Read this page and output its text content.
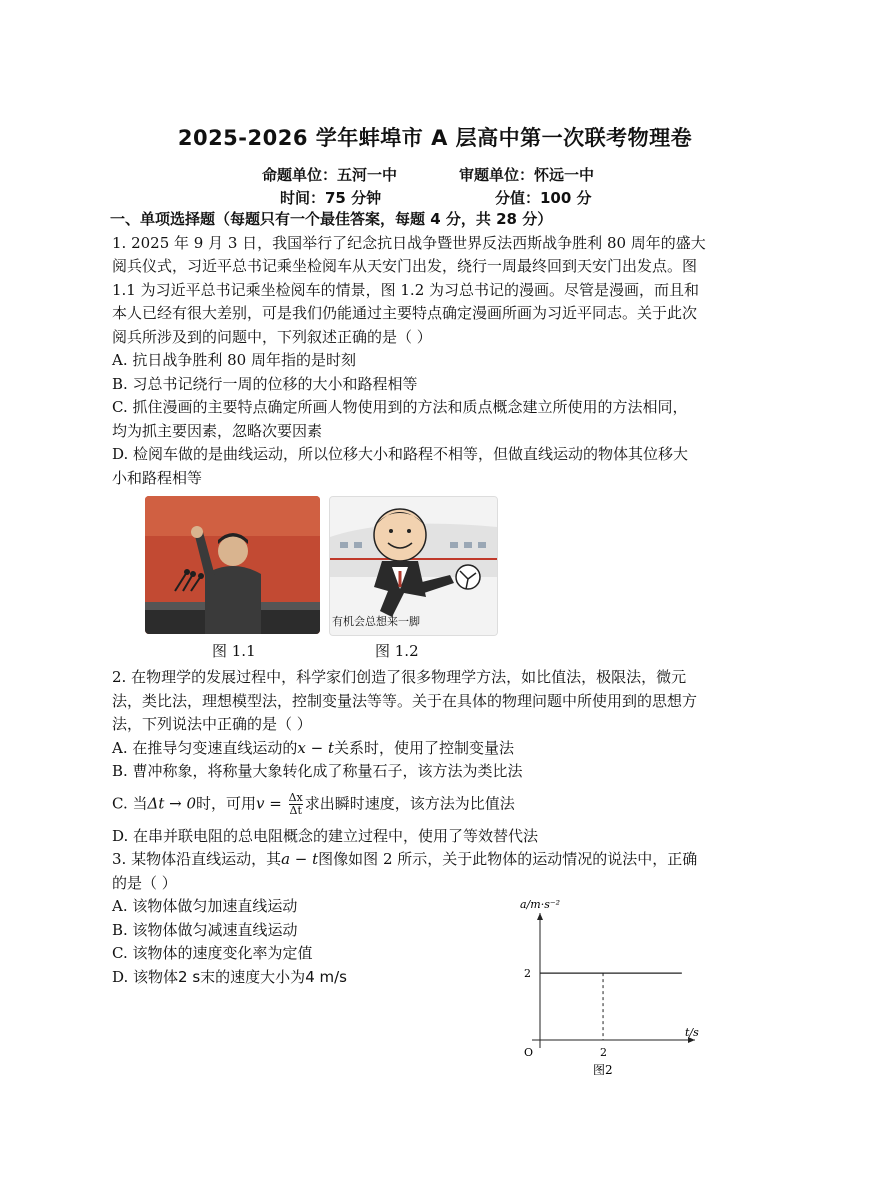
2025-2026 学年蚌埠市 A 层高中第一次联考物理卷
命题单位：五河一中	审题单位：怀远一中
时间：75 分钟	分值：100 分
一、单项选择题（每题只有一个最佳答案，每题 4 分，共 28 分）
1. 2025 年 9 月 3 日，我国举行了纪念抗日战争暨世界反法西斯战争胜利 80 周年的盛大
阅兵仪式，习近平总书记乘坐检阅车从天安门出发，绕行一周最终回到天安门出发点。图
1.1 为习近平总书记乘坐检阅车的情景，图 1.2 为习总书记的漫画。尽管是漫画，而且和
本人已经有很大差别，可是我们仍能通过主要特点确定漫画所画为习近平同志。关于此次
阅兵所涉及到的问题中，下列叙述正确的是（ ）
A. 抗日战争胜利 80 周年指的是时刻
B. 习总书记绕行一周的位移的大小和路程相等
C. 抓住漫画的主要特点确定所画人物使用到的方法和质点概念建立所使用的方法相同，
均为抓主要因素，忽略次要因素
D. 检阅车做的是曲线运动，所以位移大小和路程不相等，但做直线运动的物体其位移大
小和路程相等
有机会总想来一脚
图 1.1	图 1.2
2. 在物理学的发展过程中，科学家们创造了很多物理学方法，如比值法，极限法，微元
法，类比法，理想模型法，控制变量法等等。关于在具体的物理问题中所使用到的思想方
法，下列说法中正确的是（ ）
A. 在推导匀变速直线运动的x − t关系时，使用了控制变量法
B. 曹冲称象，将称量大象转化成了称量石子，该方法为类比法
C. 当Δt → 0时，可用$v = \frac{\Delta x}{\Delta t}$ 求出瞬时速度，该方法为比值法
D. 在串并联电阻的总电阻概念的建立过程中，使用了等效替代法
3. 某物体沿直线运动，其a − t图像如图 2 所示，关于此物体的运动情况的说法中，正确
的是（ ）
A. 该物体做匀加速直线运动
B. 该物体做匀减速直线运动
C. 该物体的速度变化率为定值
D. 该物体2 s末的速度大小为4 m/s
a/m·s⁻²
t/s
O
2
2
图2
